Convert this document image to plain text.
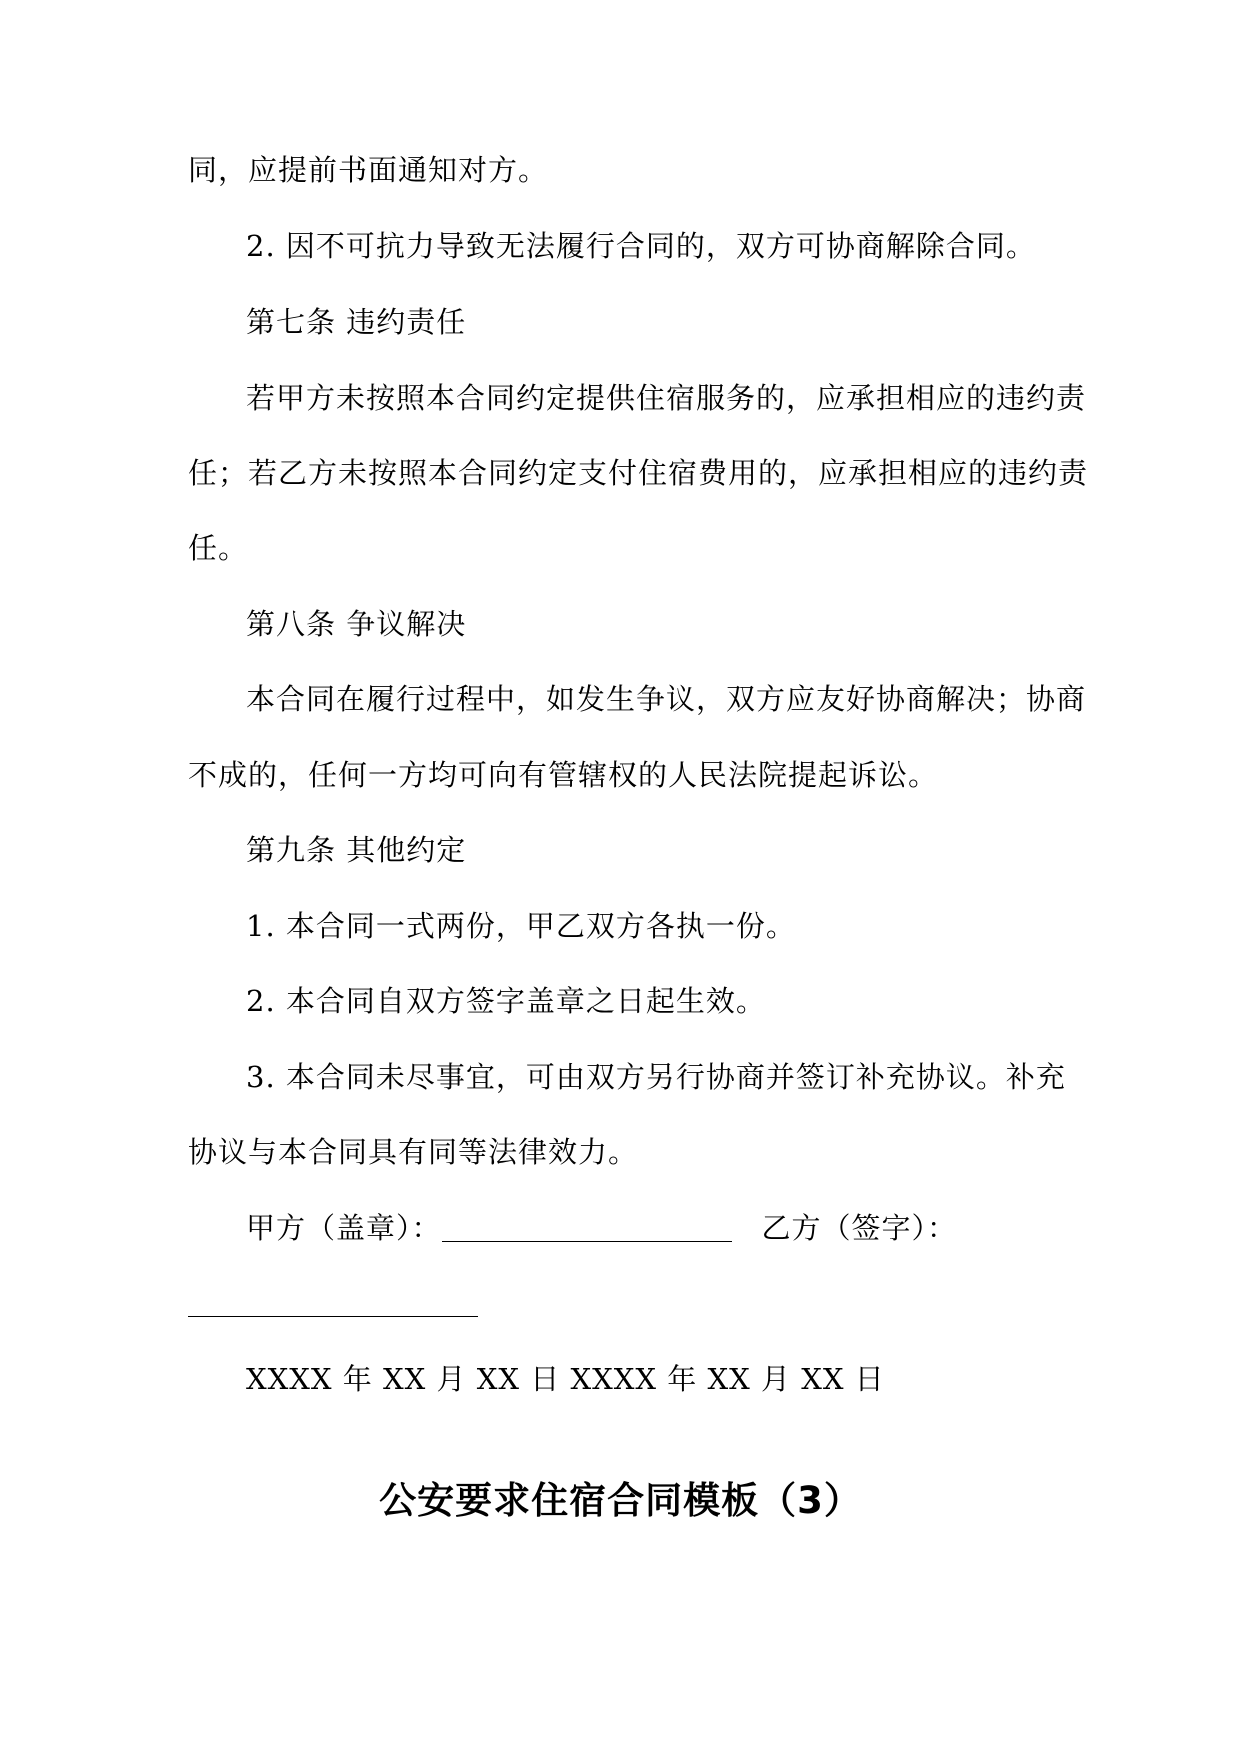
同，应提前书面通知对方。
2. 因不可抗力导致无法履行合同的，双方可协商解除合同。
第七条 违约责任
若甲方未按照本合同约定提供住宿服务的，应承担相应的违约责
任；若乙方未按照本合同约定支付住宿费用的，应承担相应的违约责
任。
第八条 争议解决
本合同在履行过程中，如发生争议，双方应友好协商解决；协商
不成的，任何一方均可向有管辖权的人民法院提起诉讼。
第九条 其他约定
1. 本合同一式两份，甲乙双方各执一份。
2. 本合同自双方签字盖章之日起生效。
3. 本合同未尽事宜，可由双方另行协商并签订补充协议。补充
协议与本合同具有同等法律效力。
甲方（盖章）：	乙方（签字）：
XXXX 年 XX 月 XX 日 XXXX 年 XX 月 XX 日
公安要求住宿合同模板（3）
